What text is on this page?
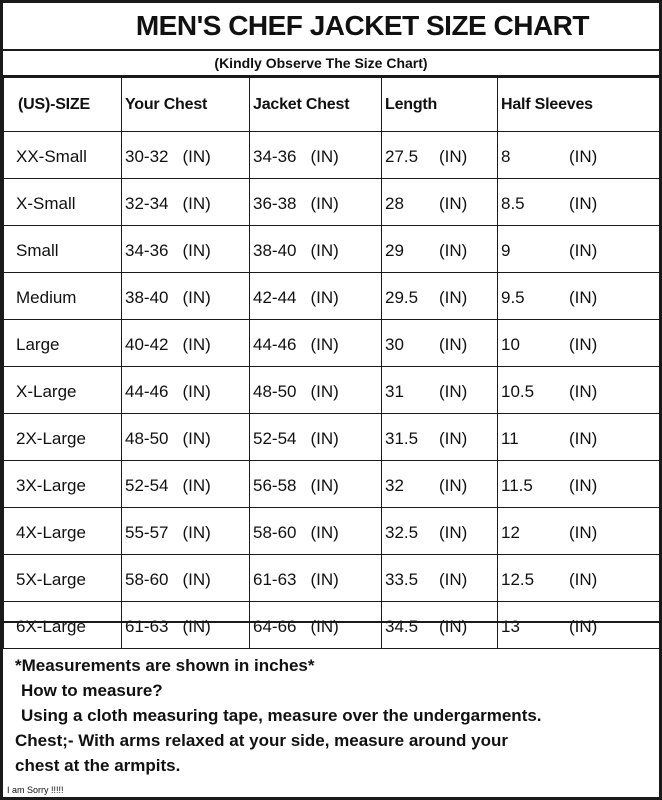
MEN'S CHEF JACKET SIZE CHART
(Kindly Observe The Size Chart)
(US)-SIZE	Your Chest	Jacket Chest	Length	Half Sleeves
XX-Small	30-32 (IN)	34-36 (IN)	27.5 (IN)	8 (IN)
X-Small	32-34 (IN)	36-38 (IN)	28 (IN)	8.5 (IN)
Small	34-36 (IN)	38-40 (IN)	29 (IN)	9 (IN)
Medium	38-40 (IN)	42-44 (IN)	29.5 (IN)	9.5 (IN)
Large	40-42 (IN)	44-46 (IN)	30 (IN)	10 (IN)
X-Large	44-46 (IN)	48-50 (IN)	31 (IN)	10.5 (IN)
2X-Large	48-50 (IN)	52-54 (IN)	31.5 (IN)	11 (IN)
3X-Large	52-54 (IN)	56-58 (IN)	32 (IN)	11.5 (IN)
4X-Large	55-57 (IN)	58-60 (IN)	32.5 (IN)	12 (IN)
5X-Large	58-60 (IN)	61-63 (IN)	33.5 (IN)	12.5 (IN)
6X-Large	61-63 (IN)	64-66 (IN)	34.5 (IN)	13 (IN)
*Measurements are shown in inches*
How to measure?
Using a cloth measuring tape, measure over the undergarments.
Chest;- With arms relaxed at your side, measure around your
chest at the armpits.
I am Sorry !!!!!
